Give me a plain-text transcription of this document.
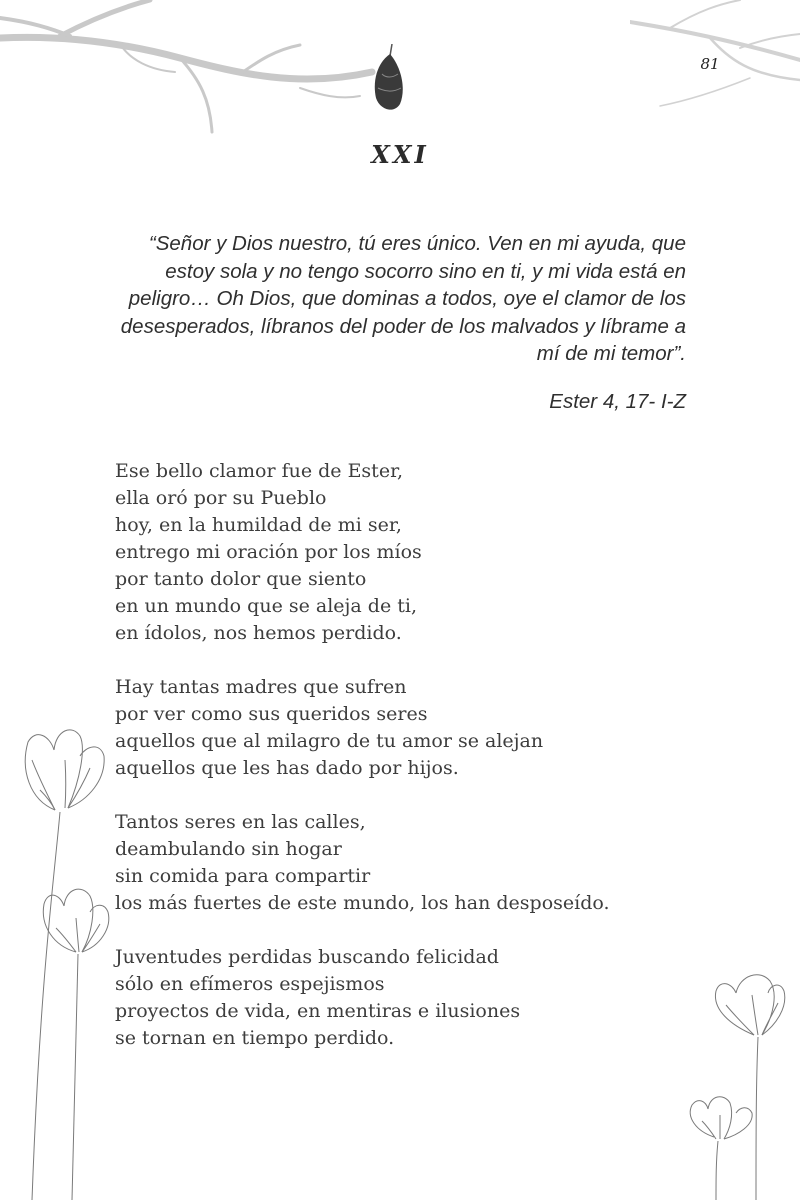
81
XXI
“Señor y Dios nuestro, tú eres único. Ven en mi ayuda, que
estoy sola y no tengo socorro sino en ti, y mi vida está en
peligro… Oh Dios, que dominas a todos, oye el clamor de los
desesperados, líbranos del poder de los malvados y líbrame a
mí de mi temor”.
Ester 4, 17- I-Z
Ese bello clamor fue de Ester,
ella oró por su Pueblo
hoy, en la humildad de mi ser,
entrego mi oración por los míos
por tanto dolor que siento
en un mundo que se aleja de ti,
en ídolos, nos hemos perdido.
Hay tantas madres que sufren
por ver como sus queridos seres
aquellos que al milagro de tu amor se alejan
aquellos que les has dado por hijos.
Tantos seres en las calles,
deambulando sin hogar
sin comida para compartir
los más fuertes de este mundo, los han desposeído.
Juventudes perdidas buscando felicidad
sólo en efímeros espejismos
proyectos de vida, en mentiras e ilusiones
se tornan en tiempo perdido.
